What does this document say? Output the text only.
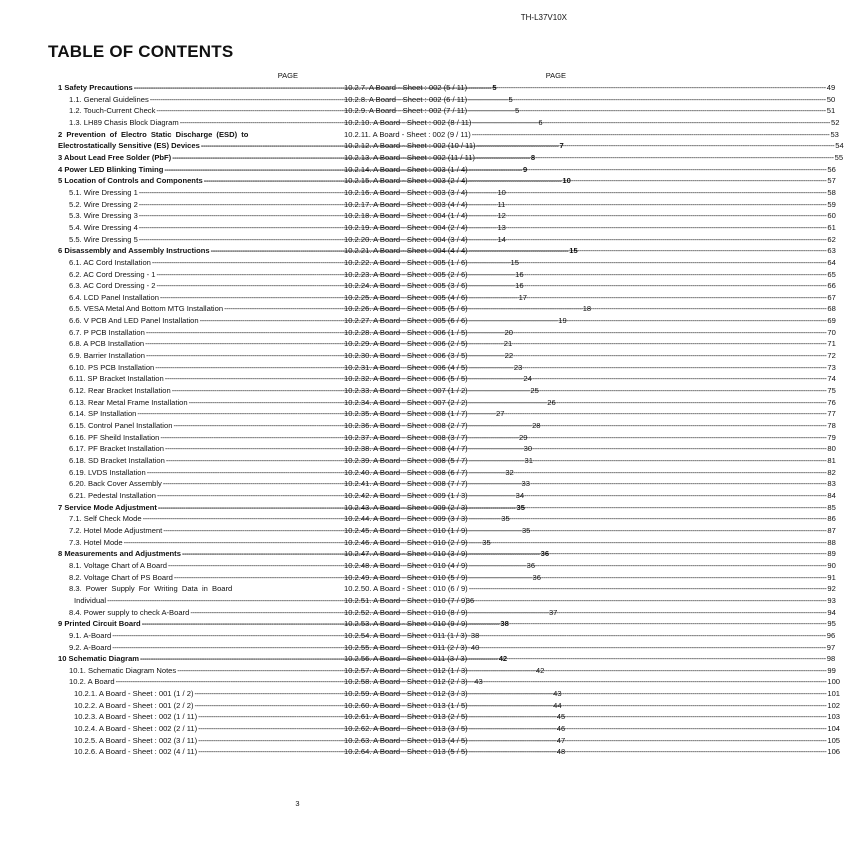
TH-L37V10X
TABLE OF CONTENTS
PAGE
1 Safety Precautions -----	5
1.1. General Guidelines -----	5
1.2. Touch-Current Check -----	5
1.3. LH89 Chasis Block Diagram -----	6
2 Prevention of Electro Static Discharge (ESD) to
Electrostatically Sensitive (ES) Devices -----	7
3 About Lead Free Solder (PbF) -----	8
4 Power LED Blinking Timing -----	9
5 Location of Controls and Components -----	10
5.1. Wire Dressing 1 -----	10
5.2. Wire Dressing 2 -----	11
5.3. Wire Dressing 3 -----	12
5.4. Wire Dressing 4 -----	13
5.5. Wire Dressing 5 -----	14
6 Disassembly and Assembly Instructions -----	15
6.1. AC Cord Installation -----	15
6.2. AC Cord Dressing - 1 -----	16
6.3. AC Cord Dressing - 2 -----	16
6.4. LCD Panel Installation -----	17
6.5. VESA Metal And Bottom MTG Installation -----	18
6.6. V PCB And LED Panel Installation -----	19
6.7. P PCB Installation -----	20
6.8. A PCB Installation -----	21
6.9. Barrier Installation -----	22
6.10. PS PCB Installation -----	23
6.11. SP Bracket Installation -----	24
6.12. Rear Bracket Installation -----	25
6.13. Rear Metal Frame Installation -----	26
6.14. SP Installation -----	27
6.15. Control Panel Installation -----	28
6.16. PF Sheild Installation -----	29
6.17. PF Bracket Installation -----	30
6.18. SD Bracket Installation -----	31
6.19. LVDS Installation -----	32
6.20. Back Cover Assembly -----	33
6.21. Pedestal Installation -----	34
7 Service Mode Adjustment -----	35
7.1. Self Check Mode -----	35
7.2. Hotel Mode Adjustment -----	35
7.3. Hotel Mode -----	35
8 Measurements and Adjustments -----	36
8.1. Voltage Chart of A Board -----	36
8.2. Voltage Chart of PS Board -----	36
8.3. Power Supply For Writing Data in Board
Individual -----	36
8.4. Power supply to check A-Board -----	37
9 Printed Circuit Board -----	38
9.1. A-Board -----	38
9.2. A-Board -----	40
10 Schematic Diagram -----	42
10.1. Schematic Diagram Notes -----	42
10.2. A Board -----	43
10.2.1. A Board - Sheet : 001 (1 / 2) -----	43
10.2.2. A Board - Sheet : 001 (2 / 2) -----	44
10.2.3. A Board - Sheet : 002 (1 / 11) -----	45
10.2.4. A Board - Sheet : 002 (2 / 11) -----	46
10.2.5. A Board - Sheet : 002 (3 / 11) -----	47
10.2.6. A Board - Sheet : 002 (4 / 11) -----	48
PAGE
10.2.7. A Board - Sheet : 002 (5 / 11) -----	49
10.2.8. A Board - Sheet : 002 (6 / 11) -----	50
10.2.9. A Board - Sheet : 002 (7 / 11) -----	51
10.2.10. A Board - Sheet : 002 (8 / 11) -----	52
10.2.11. A Board - Sheet : 002 (9 / 11) -----	53
10.2.12. A Board - Sheet : 002 (10 / 11) -----	54
10.2.13. A Board - Sheet : 002 (11 / 11) -----	55
10.2.14. A Board - Sheet : 003 (1 / 4) -----	56
10.2.15. A Board - Sheet : 003 (2 / 4) -----	57
10.2.16. A Board - Sheet : 003 (3 / 4) -----	58
10.2.17. A Board - Sheet : 003 (4 / 4) -----	59
10.2.18. A Board - Sheet : 004 (1 / 4) -----	60
10.2.19. A Board - Sheet : 004 (2 / 4) -----	61
10.2.20. A Board - Sheet : 004 (3 / 4) -----	62
10.2.21. A Board - Sheet : 004 (4 / 4) -----	63
10.2.22. A Board - Sheet : 005 (1 / 6) -----	64
10.2.23. A Board - Sheet : 005 (2 / 6) -----	65
10.2.24. A Board - Sheet : 005 (3 / 6) -----	66
10.2.25. A Board - Sheet : 005 (4 / 6) -----	67
10.2.26. A Board - Sheet : 005 (5 / 6) -----	68
10.2.27. A Board - Sheet : 005 (6 / 6) -----	69
10.2.28. A Board - Sheet : 006 (1 / 5) -----	70
10.2.29. A Board - Sheet : 006 (2 / 5) -----	71
10.2.30. A Board - Sheet : 006 (3 / 5) -----	72
10.2.31. A Board - Sheet : 006 (4 / 5) -----	73
10.2.32. A Board - Sheet : 006 (5 / 5) -----	74
10.2.33. A Board - Sheet : 007 (1 / 2) -----	75
10.2.34. A Board - Sheet : 007 (2 / 2) -----	76
10.2.35. A Board - Sheet : 008 (1 / 7) -----	77
10.2.36. A Board - Sheet : 008 (2 / 7) -----	78
10.2.37. A Board - Sheet : 008 (3 / 7) -----	79
10.2.38. A Board - Sheet : 008 (4 / 7) -----	80
10.2.39. A Board - Sheet : 008 (5 / 7) -----	81
10.2.40. A Board - Sheet : 008 (6 / 7) -----	82
10.2.41. A Board - Sheet : 008 (7 / 7) -----	83
10.2.42. A Board - Sheet : 009 (1 / 3) -----	84
10.2.43. A Board - Sheet : 009 (2 / 3) -----	85
10.2.44. A Board - Sheet : 009 (3 / 3) -----	86
10.2.45. A Board - Sheet : 010 (1 / 9) -----	87
10.2.46. A Board - Sheet : 010 (2 / 9) -----	88
10.2.47. A Board - Sheet : 010 (3 / 9) -----	89
10.2.48. A Board - Sheet : 010 (4 / 9) -----	90
10.2.49. A Board - Sheet : 010 (5 / 9) -----	91
10.2.50. A Board - Sheet : 010 (6 / 9) -----	92
10.2.51. A Board - Sheet : 010 (7 / 9) -----	93
10.2.52. A Board - Sheet : 010 (8 / 9) -----	94
10.2.53. A Board - Sheet : 010 (9 / 9) -----	95
10.2.54. A Board - Sheet : 011 (1 / 3) -----	96
10.2.55. A Board - Sheet : 011 (2 / 3) -----	97
10.2.56. A Board - Sheet : 011 (3 / 3) -----	98
10.2.57. A Board - Sheet : 012 (1 / 3) -----	99
10.2.58. A Board - Sheet : 012 (2 / 3) -----	100
10.2.59. A Board - Sheet : 012 (3 / 3) -----	101
10.2.60. A Board - Sheet : 013 (1 / 5) -----	102
10.2.61. A Board - Sheet : 013 (2 / 5) -----	103
10.2.62. A Board - Sheet : 013 (3 / 5) -----	104
10.2.63. A Board - Sheet : 013 (4 / 5) -----	105
10.2.64. A Board - Sheet : 013 (5 / 5) -----	106
3
